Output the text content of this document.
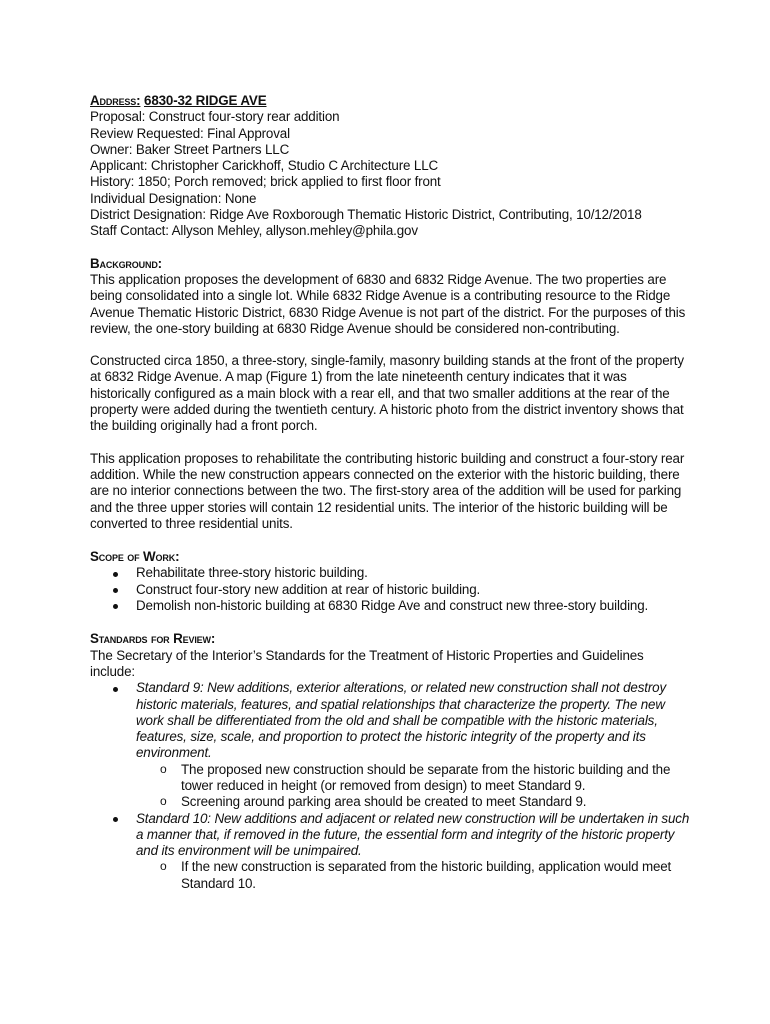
Address: 6830-32 RIDGE AVE

Proposal: Construct four-story rear addition

Review Requested: Final Approval

Owner: Baker Street Partners LLC

Applicant: Christopher Carickhoff, Studio C Architecture LLC

History: 1850; Porch removed; brick applied to first floor front

Individual Designation: None

District Designation: Ridge Ave Roxborough Thematic Historic District, Contributing, 10/12/2018

Staff Contact: Allyson Mehley, allyson.mehley@phila.gov

Background:

This application proposes the development of 6830 and 6832 Ridge Avenue. The two properties are being consolidated into a single lot. While 6832 Ridge Avenue is a contributing resource to the Ridge Avenue Thematic Historic District, 6830 Ridge Avenue is not part of the district. For the purposes of this review, the one-story building at 6830 Ridge Avenue should be considered non-contributing.

Constructed circa 1850, a three-story, single-family, masonry building stands at the front of the property at 6832 Ridge Avenue. A map (Figure 1) from the late nineteenth century indicates that it was historically configured as a main block with a rear ell, and that two smaller additions at the rear of the property were added during the twentieth century. A historic photo from the district inventory shows that the building originally had a front porch.

This application proposes to rehabilitate the contributing historic building and construct a four-story rear addition. While the new construction appears connected on the exterior with the historic building, there are no interior connections between the two. The first-story area of the addition will be used for parking and the three upper stories will contain 12 residential units. The interior of the historic building will be converted to three residential units.

Scope of Work:

Rehabilitate three-story historic building.
Construct four-story new addition at rear of historic building.
Demolish non-historic building at 6830 Ridge Ave and construct new three-story building.

Standards for Review:

The Secretary of the Interior’s Standards for the Treatment of Historic Properties and Guidelines include:

Standard 9: New additions, exterior alterations, or related new construction shall not destroy historic materials, features, and spatial relationships that characterize the property. The new work shall be differentiated from the old and shall be compatible with the historic materials, features, size, scale, and proportion to protect the historic integrity of the property and its environment.
o The proposed new construction should be separate from the historic building and the tower reduced in height (or removed from design) to meet Standard 9.
o Screening around parking area should be created to meet Standard 9.
Standard 10: New additions and adjacent or related new construction will be undertaken in such a manner that, if removed in the future, the essential form and integrity of the historic property and its environment will be unimpaired.
o If the new construction is separated from the historic building, application would meet Standard 10.
